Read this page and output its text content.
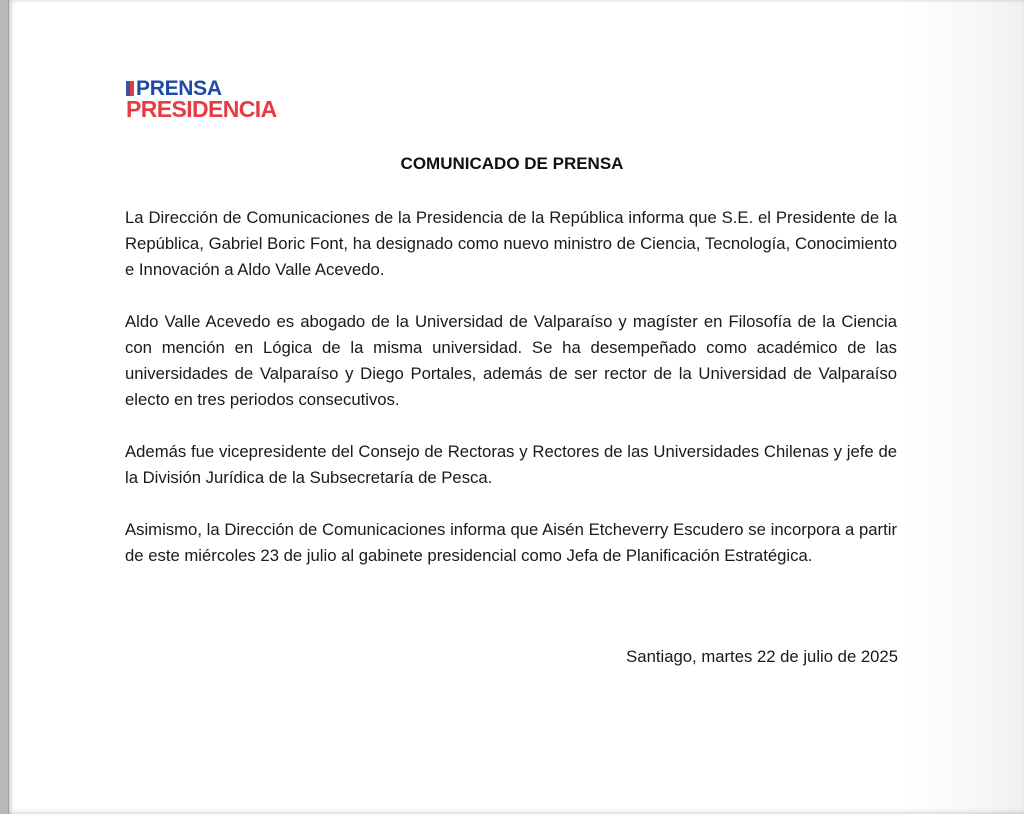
PRENSA
PRESIDENCIA
COMUNICADO DE PRENSA

La Dirección de Comunicaciones de la Presidencia de la República informa que S.E. el Presidente de la República, Gabriel Boric Font, ha designado como nuevo ministro de Ciencia, Tecnología, Conocimiento e Innovación a Aldo Valle Acevedo.

Aldo Valle Acevedo es abogado de la Universidad de Valparaíso y magíster en Filosofía de la Ciencia con mención en Lógica de la misma universidad. Se ha desempeñado como académico de las universidades de Valparaíso y Diego Portales, además de ser rector de la Universidad de Valparaíso electo en tres periodos consecutivos.

Además fue vicepresidente del Consejo de Rectoras y Rectores de las Universidades Chilenas y jefe de la División Jurídica de la Subsecretaría de Pesca.

Asimismo, la Dirección de Comunicaciones informa que Aisén Etcheverry Escudero se incorpora a partir de este miércoles 23 de julio al gabinete presidencial como Jefa de Planificación Estratégica.

Santiago, martes 22 de julio de 2025
